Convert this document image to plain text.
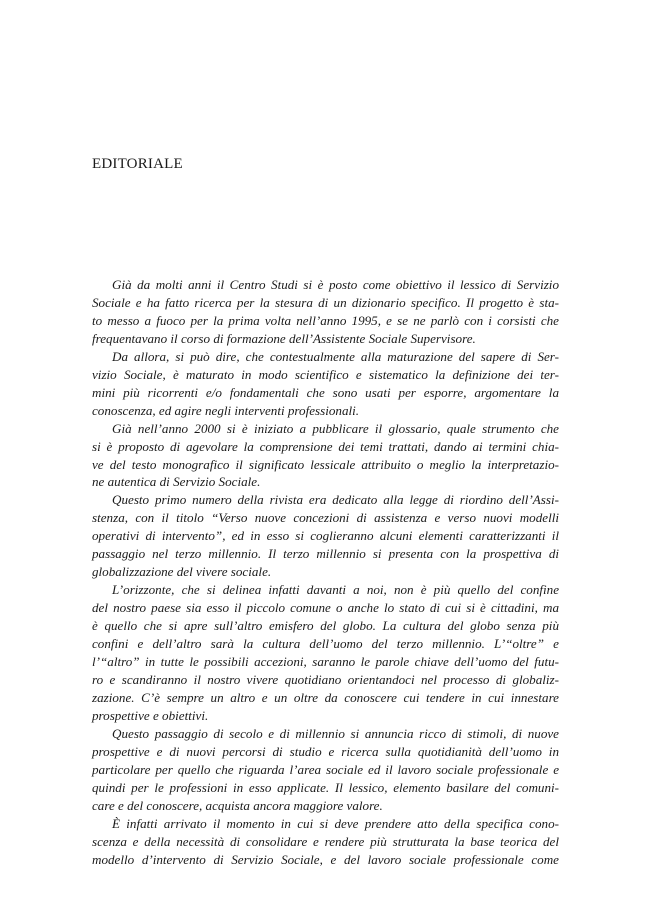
EDITORIALE
Già da molti anni il Centro Studi si è posto come obiettivo il lessico di Servizio
Sociale e ha fatto ricerca per la stesura di un dizionario specifico. Il progetto è sta-
to messo a fuoco per la prima volta nell’anno 1995, e se ne parlò con i corsisti che
frequentavano il corso di formazione dell’Assistente Sociale Supervisore.
Da allora, si può dire, che contestualmente alla maturazione del sapere di Ser-
vizio Sociale, è maturato in modo scientifico e sistematico la definizione dei ter-
mini più ricorrenti e/o fondamentali che sono usati per esporre, argomentare la
conoscenza, ed agire negli interventi professionali.
Già nell’anno 2000 si è iniziato a pubblicare il glossario, quale strumento che
si è proposto di agevolare la comprensione dei temi trattati, dando ai termini chia-
ve del testo monografico il significato lessicale attribuito o meglio la interpretazio-
ne autentica di Servizio Sociale.
Questo primo numero della rivista era dedicato alla legge di riordino dell’Assi-
stenza, con il titolo “Verso nuove concezioni di assistenza e verso nuovi modelli
operativi di intervento”, ed in esso si coglieranno alcuni elementi caratterizzanti il
passaggio nel terzo millennio. Il terzo millennio si presenta con la prospettiva di
globalizzazione del vivere sociale.
L’orizzonte, che si delinea infatti davanti a noi, non è più quello del confine
del nostro paese sia esso il piccolo comune o anche lo stato di cui si è cittadini, ma
è quello che si apre sull’altro emisfero del globo. La cultura del globo senza più
confini e dell’altro sarà la cultura dell’uomo del terzo millennio. L’“oltre” e
l’“altro” in tutte le possibili accezioni, saranno le parole chiave dell’uomo del futu-
ro e scandiranno il nostro vivere quotidiano orientandoci nel processo di globaliz-
zazione. C’è sempre un altro e un oltre da conoscere cui tendere in cui innestare
prospettive e obiettivi.
Questo passaggio di secolo e di millennio si annuncia ricco di stimoli, di nuove
prospettive e di nuovi percorsi di studio e ricerca sulla quotidianità dell’uomo in
particolare per quello che riguarda l’area sociale ed il lavoro sociale professionale e
quindi per le professioni in esso applicate. Il lessico, elemento basilare del comuni-
care e del conoscere, acquista ancora maggiore valore.
È infatti arrivato il momento in cui si deve prendere atto della specifica cono-
scenza e della necessità di consolidare e rendere più strutturata la base teorica del
modello d’intervento di Servizio Sociale, e del lavoro sociale professionale come
